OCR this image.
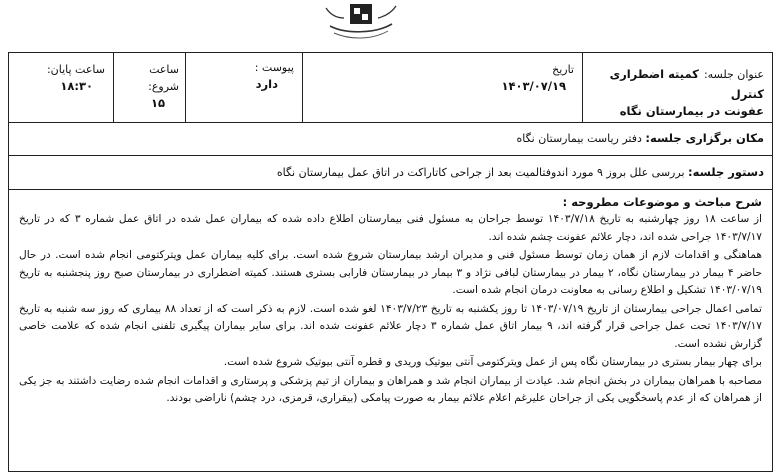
عنوان جلسه: کمیته اضطراری کنترل
عفونت در بیمارستان نگاه
تاریخ
۱۴۰۳/۰۷/۱۹
پیوست :
دارد
ساعت
شروع:
۱۵
ساعت پایان:
۱۸:۳۰
مکان برگزاری جلسه: دفتر ریاست بیمارستان نگاه
دستور جلسه: بررسی علل بروز ۹ مورد اندوفتالمیت بعد از جراحی کاتاراکت در اتاق عمل بیمارستان نگاه
شرح مباحث و موضوعات مطروحه :

از ساعت ۱۸ روز چهارشنبه به تاریخ ۱۴۰۳/۷/۱۸ توسط جراحان به مسئول فنی بیمارستان اطلاع داده شده که بیماران عمل شده در اتاق عمل شماره ۳ که در تاریخ ۱۴۰۳/۷/۱۷ جراحی شده اند، دچار علائم عفونت چشم شده اند.

هماهنگی و اقدامات لازم از همان زمان توسط مسئول فنی و مدیران ارشد بیمارستان شروع شده است. برای کلیه بیماران عمل ویترکتومی انجام شده است. در حال حاضر ۴ بیمار در بیمارستان نگاه، ۲ بیمار در بیمارستان لبافی نژاد و ۳ بیمار در بیمارستان فارابی بستری هستند. کمیته اضطراری در بیمارستان صبح روز پنجشنبه به تاریخ ۱۴۰۳/۰۷/۱۹ تشکیل و اطلاع رسانی به معاونت درمان انجام شده است.

تمامی اعمال جراحی بیمارستان از تاریخ ۱۴۰۳/۰۷/۱۹ تا روز یکشنبه به تاریخ ۱۴۰۳/۷/۲۳ لغو شده است. لازم به ذکر است که از تعداد ۸۸ بیماری که روز سه شنبه به تاریخ ۱۴۰۳/۷/۱۷ تحت عمل جراحی قرار گرفته اند، ۹ بیمار اتاق عمل شماره ۳ دچار علائم عفونت شده اند. برای سایر بیماران پیگیری تلفنی انجام شده که علامت خاصی گزارش نشده است.

برای چهار بیمار بستری در بیمارستان نگاه پس از عمل ویترکتومی آنتی بیوتیک وریدی و قطره آنتی بیوتیک شروع شده است.

مصاحبه با همراهان بیماران در بخش انجام شد. عیادت از بیماران انجام شد و همراهان و بیماران از تیم پزشکی و پرستاری و اقدامات انجام شده رضایت داشتند به جز یکی از همراهان که از عدم پاسخگویی یکی از جراحان علیرغم اعلام علائم بیمار به صورت پیامکی (بیقراری، قرمزی، درد چشم) ناراضی بودند.
